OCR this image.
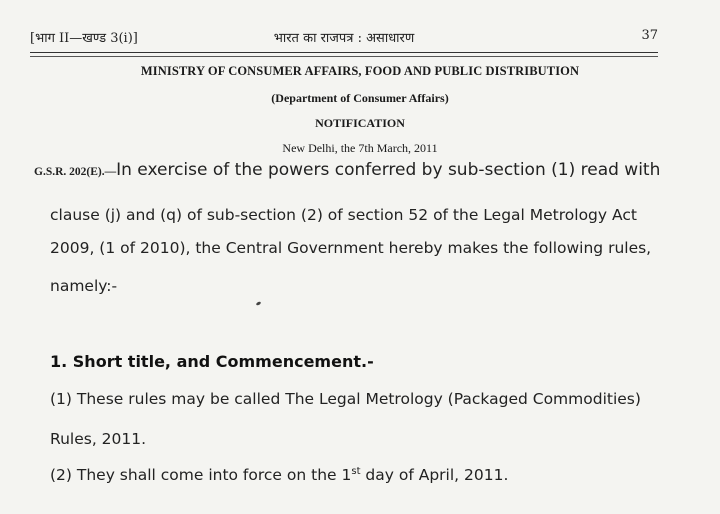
[भाग II—खण्ड 3(i)]	भारत का राजपत्र : असाधारण	37
MINISTRY OF CONSUMER AFFAIRS, FOOD AND PUBLIC DISTRIBUTION
(Department of Consumer Affairs)
NOTIFICATION
New Delhi, the 7th March, 2011
G.S.R. 202(E).—In exercise of the powers conferred by sub-section (1) read with
clause (j) and (q) of sub-section (2) of section 52 of the Legal Metrology Act
2009, (1 of 2010), the Central Government hereby makes the following rules,
namely:-
1. Short title, and Commencement.-
(1) These rules may be called The Legal Metrology (Packaged Commodities)
Rules, 2011.
(2) They shall come into force on the 1st day of April, 2011.
